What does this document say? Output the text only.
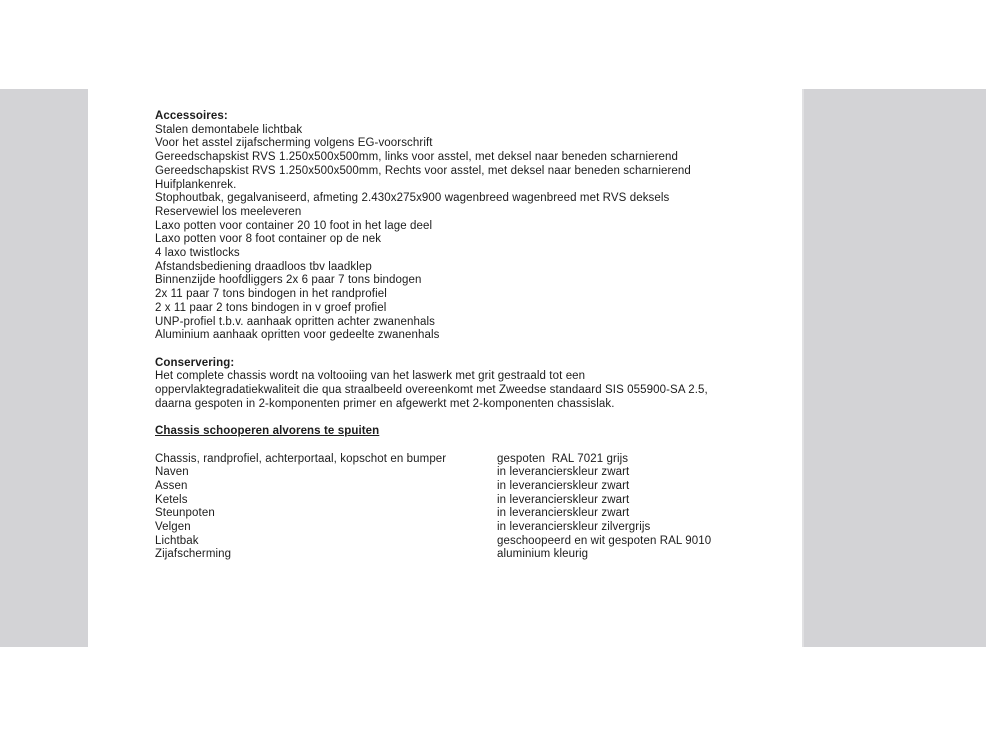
Accessoires:
Stalen demontabele lichtbak
Voor het asstel zijafscherming volgens EG-voorschrift
Gereedschapskist RVS 1.250x500x500mm, links voor asstel, met deksel naar beneden scharnierend
Gereedschapskist RVS 1.250x500x500mm, Rechts voor asstel, met deksel naar beneden scharnierend
Huifplankenrek.
Stophoutbak, gegalvaniseerd, afmeting 2.430x275x900 wagenbreed wagenbreed met RVS deksels
Reservewiel los meeleveren
Laxo potten voor container 20 10 foot in het lage deel
Laxo potten voor 8 foot container op de nek
4 laxo twistlocks
Afstandsbediening draadloos tbv laadklep
Binnenzijde hoofdliggers 2x 6 paar 7 tons bindogen
2x 11 paar 7 tons bindogen in het randprofiel
2 x 11 paar 2 tons bindogen in v groef profiel
UNP-profiel t.b.v. aanhaak opritten achter zwanenhals
Aluminium aanhaak opritten voor gedeelte zwanenhals
Conservering:
Het complete chassis wordt na voltooiing van het laswerk met grit gestraald tot een
oppervlaktegradatiekwaliteit die qua straalbeeld overeenkomt met Zweedse standaard SIS 055900-SA 2.5,
daarna gespoten in 2-komponenten primer en afgewerkt met 2-komponenten chassislak.
Chassis schooperen alvorens te spuiten
Chassis, randprofiel, achterportaal, kopschot en bumper	gespoten  RAL 7021 grijs
Naven	in leverancierskleur zwart
Assen	in leverancierskleur zwart
Ketels	in leverancierskleur zwart
Steunpoten	in leverancierskleur zwart
Velgen	in leverancierskleur zilvergrijs
Lichtbak	geschoopeerd en wit gespoten RAL 9010
Zijafscherming	aluminium kleurig
